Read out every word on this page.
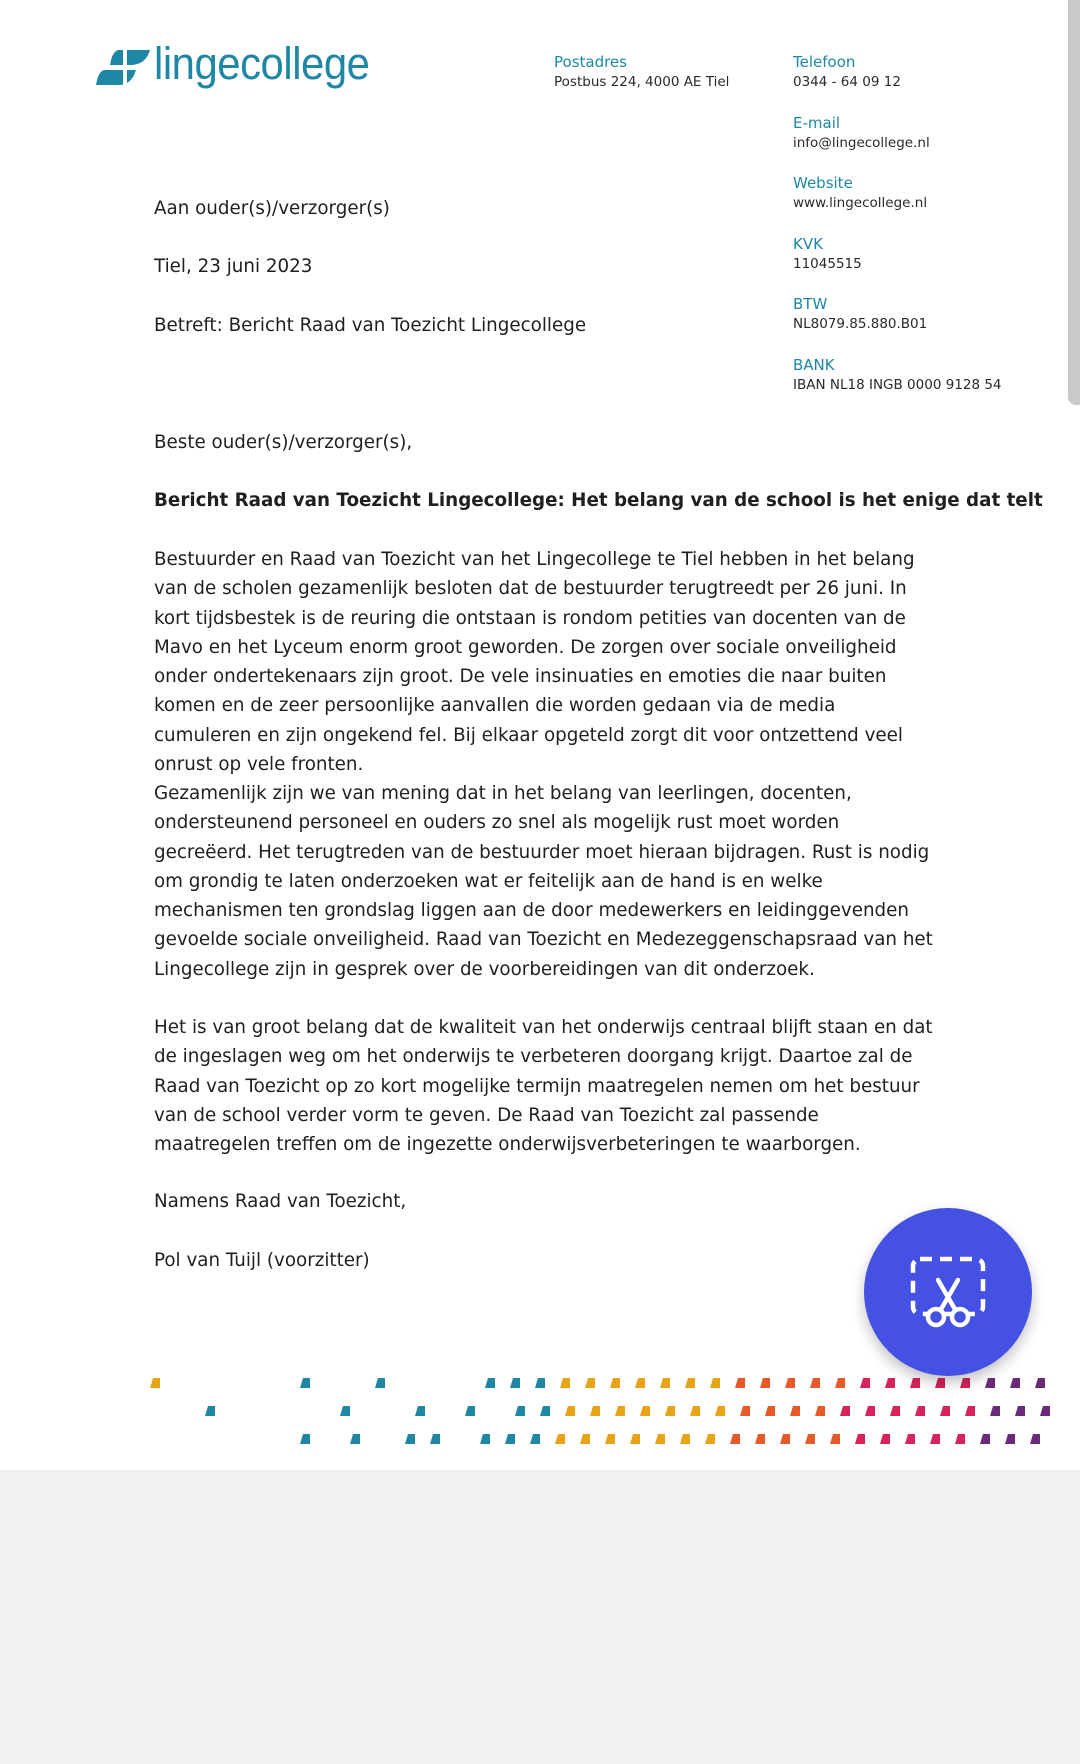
lingecollege	Postadres
Postbus 224, 4000 AE Tiel
Telefoon
0344 - 64 09 12
E-mail
info@lingecollege.nl
Website
www.lingecollege.nl
KVK
11045515
BTW
NL8079.85.880.B01
BANK
IBAN NL18 INGB 0000 9128 54
Aan ouder(s)/verzorger(s)
Tiel, 23 juni 2023
Betreft: Bericht Raad van Toezicht Lingecollege
Beste ouder(s)/verzorger(s),
Bericht Raad van Toezicht Lingecollege: Het belang van de school is het enige dat telt

Bestuurder en Raad van Toezicht van het Lingecollege te Tiel hebben in het belang van de scholen gezamenlijk besloten dat de bestuurder terugtreedt per 26 juni. In kort tijdsbestek is de reuring die ontstaan is rondom petities van docenten van de Mavo en het Lyceum enorm groot geworden. De zorgen over sociale onveiligheid onder ondertekenaars zijn groot. De vele insinuaties en emoties die naar buiten komen en de zeer persoonlijke aanvallen die worden gedaan via de media cumuleren en zijn ongekend fel. Bij elkaar opgeteld zorgt dit voor ontzettend veel onrust op vele fronten.

Gezamenlijk zijn we van mening dat in het belang van leerlingen, docenten, ondersteunend personeel en ouders zo snel als mogelijk rust moet worden gecreëerd. Het terugtreden van de bestuurder moet hieraan bijdragen. Rust is nodig om grondig te laten onderzoeken wat er feitelijk aan de hand is en welke mechanismen ten grondslag liggen aan de door medewerkers en leidinggevenden gevoelde sociale onveiligheid. Raad van Toezicht en Medezeggenschapsraad van het Lingecollege zijn in gesprek over de voorbereidingen van dit onderzoek.

Het is van groot belang dat de kwaliteit van het onderwijs centraal blijft staan en dat de ingeslagen weg om het onderwijs te verbeteren doorgang krijgt. Daartoe zal de Raad van Toezicht op zo kort mogelijke termijn maatregelen nemen om het bestuur van de school verder vorm te geven. De Raad van Toezicht zal passende maatregelen treffen om de ingezette onderwijsverbeteringen te waarborgen.

Namens Raad van Toezicht,
Pol van Tuijl (voorzitter)
